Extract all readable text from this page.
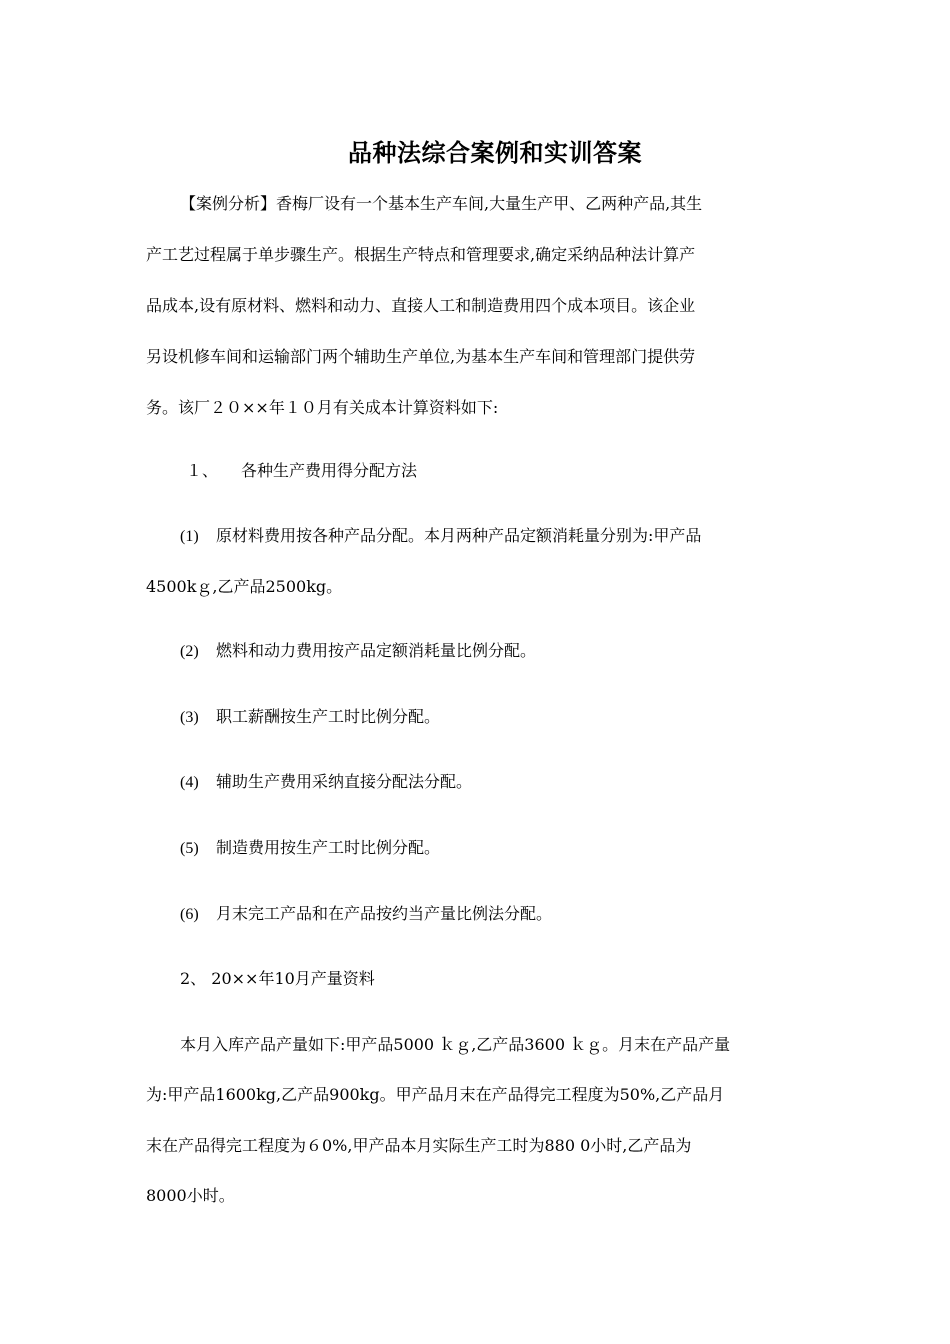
品种法综合案例和实训答案
【案例分析】香梅厂设有一个基本生产车间,大量生产甲、乙两种产品,其生
产工艺过程属于单步骤生产。根据生产特点和管理要求,确定采纳品种法计算产
品成本,设有原材料、燃料和动力、直接人工和制造费用四个成本项目。该企业
另设机修车间和运输部门两个辅助生产单位,为基本生产车间和管理部门提供劳
务。该厂２０××年１０月有关成本计算资料如下:
１、 各种生产费用得分配方法
(1) 原材料费用按各种产品分配。本月两种产品定额消耗量分别为:甲产品
4500kｇ,乙产品2500kg。
(2) 燃料和动力费用按产品定额消耗量比例分配。
(3) 职工薪酬按生产工时比例分配。
(4) 辅助生产费用采纳直接分配法分配。
(5) 制造费用按生产工时比例分配。
(6) 月末完工产品和在产品按约当产量比例法分配。
2、 20××年10月产量资料
本月入库产品产量如下:甲产品5000 ｋｇ,乙产品3600 ｋｇ。月末在产品产量
为:甲产品1600kg,乙产品900kg。甲产品月末在产品得完工程度为50%,乙产品月
末在产品得完工程度为６0%,甲产品本月实际生产工时为880 0小时,乙产品为
8000小时。
